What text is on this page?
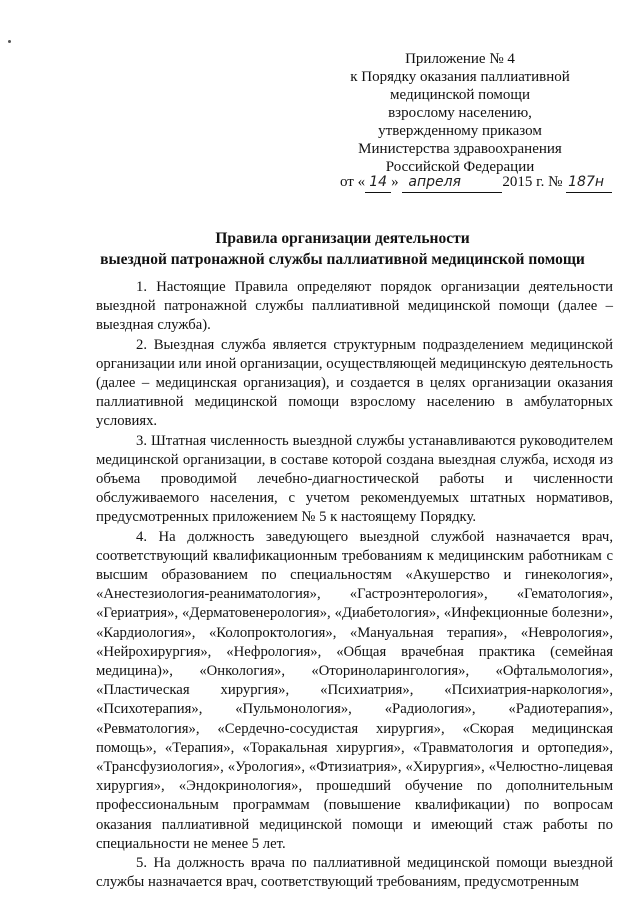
Приложение № 4
к Порядку оказания паллиативной
медицинской помощи
взрослому населению,
утвержденному приказом
Министерства здравоохранения
Российской Федерации
от « 14 » апреля	2015 г. № 187н
Правила организации деятельности
выездной патронажной службы паллиативной медицинской помощи

1. Настоящие Правила определяют порядок организации деятельности выездной патронажной службы паллиативной медицинской помощи (далее – выездная служба).

2. Выездная служба является структурным подразделением медицинской организации или иной организации, осуществляющей медицинскую деятельность (далее – медицинская организация), и создается в целях организации оказания паллиативной медицинской помощи взрослому населению в амбулаторных условиях.

3. Штатная численность выездной службы устанавливаются руководителем медицинской организации, в составе которой создана выездная служба, исходя из объема проводимой лечебно-диагностической работы и численности обслуживаемого населения, с учетом рекомендуемых штатных нормативов, предусмотренных приложением № 5 к настоящему Порядку.

4. На должность заведующего выездной службой назначается врач, соответствующий квалификационным требованиям к медицинским работникам с высшим образованием по специальностям «Акушерство и гинекология», «Анестезиология-реаниматология», «Гастроэнтерология», «Гематология», «Гериатрия», «Дерматовенерология», «Диабетология», «Инфекционные болезни», «Кардиология», «Колопроктология», «Мануальная терапия», «Неврология», «Нейрохирургия», «Нефрология», «Общая врачебная практика (семейная медицина)», «Онкология», «Оториноларингология», «Офтальмология», «Пластическая хирургия», «Психиатрия», «Психиатрия-наркология», «Психотерапия», «Пульмонология», «Радиология», «Радиотерапия», «Ревматология», «Сердечно-сосудистая хирургия», «Скорая медицинская помощь», «Терапия», «Торакальная хирургия», «Травматология и ортопедия», «Трансфузиология», «Урология», «Фтизиатрия», «Хирургия», «Челюстно-лицевая хирургия», «Эндокринология», прошедший обучение по дополнительным профессиональным программам (повышение квалификации) по вопросам оказания паллиативной медицинской помощи и имеющий стаж работы по специальности не менее 5 лет.

5. На должность врача по паллиативной медицинской помощи выездной службы назначается врач, соответствующий требованиям, предусмотренным
